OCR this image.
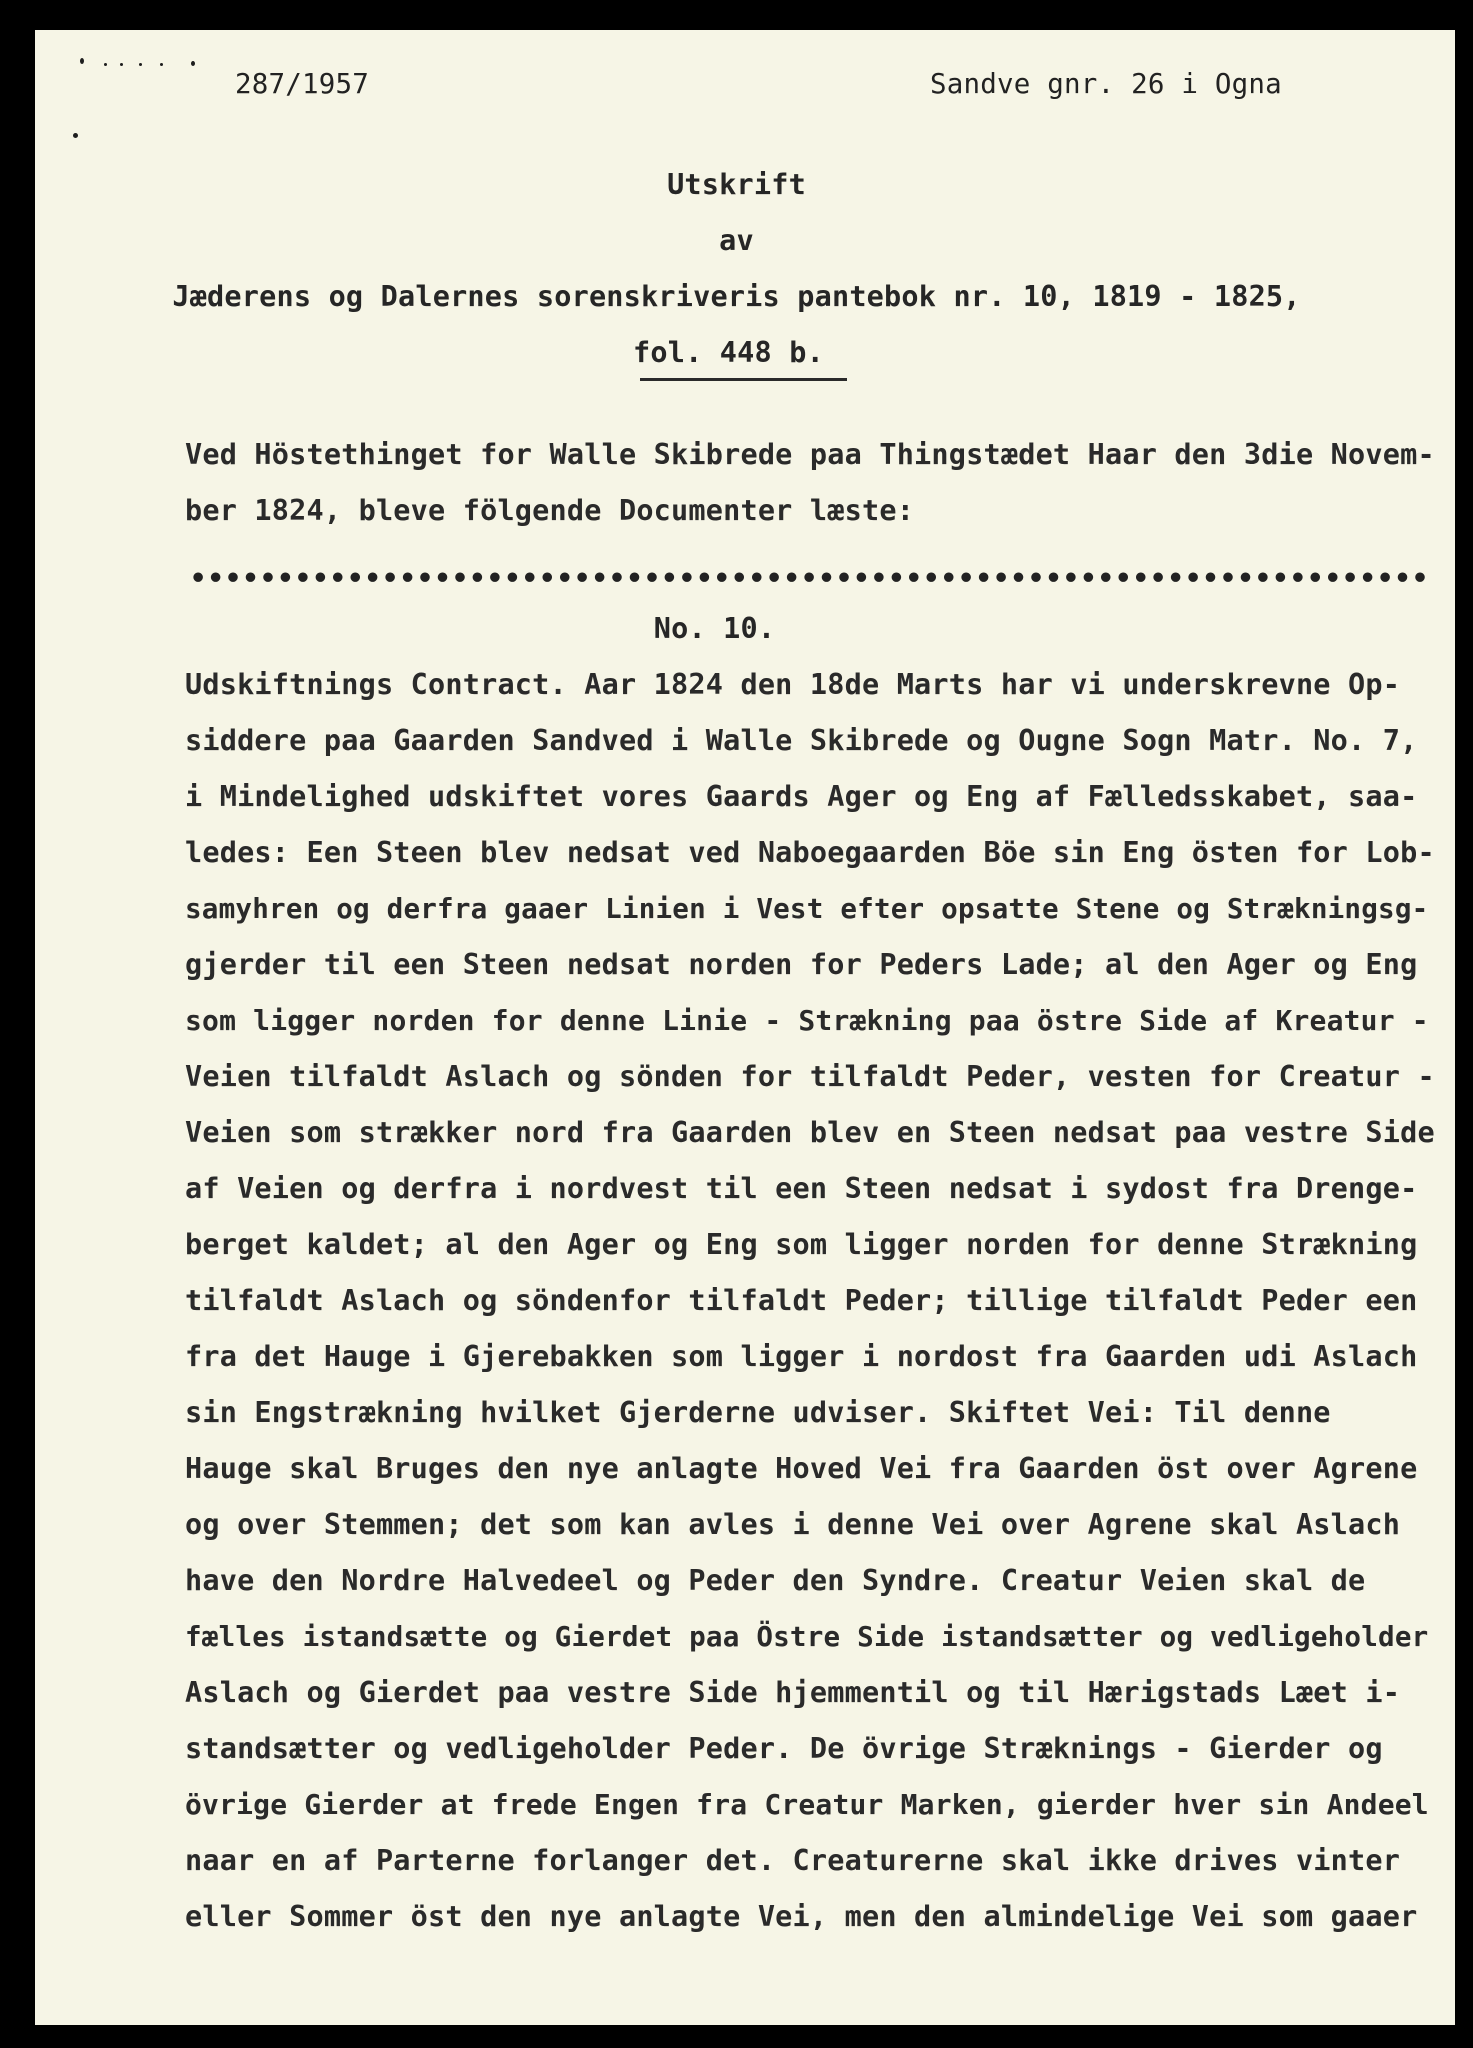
287/1957	Sandve gnr. 26 i Ogna
Utskrift
av
Jæderens og Dalernes sorenskriveris pantebok nr. 10, 1819 - 1825,
fol. 448 b.
Ved Höstethinget for Walle Skibrede paa Thingstædet Haar den 3die Novem-
ber 1824, bleve fölgende Documenter læste:
•••••••••••••••••••••••••••••••••••••••••••••••••••••••••••••••••••••••
No. 10.
Udskiftnings Contract. Aar 1824 den 18de Marts har vi underskrevne Op-
siddere paa Gaarden Sandved i Walle Skibrede og Ougne Sogn Matr. No. 7,
i Mindelighed udskiftet vores Gaards Ager og Eng af Fælledsskabet, saa-
ledes: Een Steen blev nedsat ved Naboegaarden Böe sin Eng östen for Lob-
samyhren og derfra gaaer Linien i Vest efter opsatte Stene og Strækningsg-
gjerder til een Steen nedsat norden for Peders Lade; al den Ager og Eng
som ligger norden for denne Linie - Strækning paa östre Side af Kreatur -
Veien tilfaldt Aslach og sönden for tilfaldt Peder, vesten for Creatur -
Veien som strækker nord fra Gaarden blev en Steen nedsat paa vestre Side
af Veien og derfra i nordvest til een Steen nedsat i sydost fra Drenge-
berget kaldet; al den Ager og Eng som ligger norden for denne Strækning
tilfaldt Aslach og söndenfor tilfaldt Peder; tillige tilfaldt Peder een
fra det Hauge i Gjerebakken som ligger i nordost fra Gaarden udi Aslach
sin Engstrækning hvilket Gjerderne udviser. Skiftet Vei: Til denne
Hauge skal Bruges den nye anlagte Hoved Vei fra Gaarden öst over Agrene
og over Stemmen; det som kan avles i denne Vei over Agrene skal Aslach
have den Nordre Halvedeel og Peder den Syndre. Creatur Veien skal de
fælles istandsætte og Gierdet paa Östre Side istandsætter og vedligeholder
Aslach og Gierdet paa vestre Side hjemmentil og til Hærigstads Læet i-
standsætter og vedligeholder Peder. De övrige Stræknings - Gierder og
övrige Gierder at frede Engen fra Creatur Marken, gierder hver sin Andeel
naar en af Parterne forlanger det. Creaturerne skal ikke drives vinter
eller Sommer öst den nye anlagte Vei, men den almindelige Vei som gaaer
